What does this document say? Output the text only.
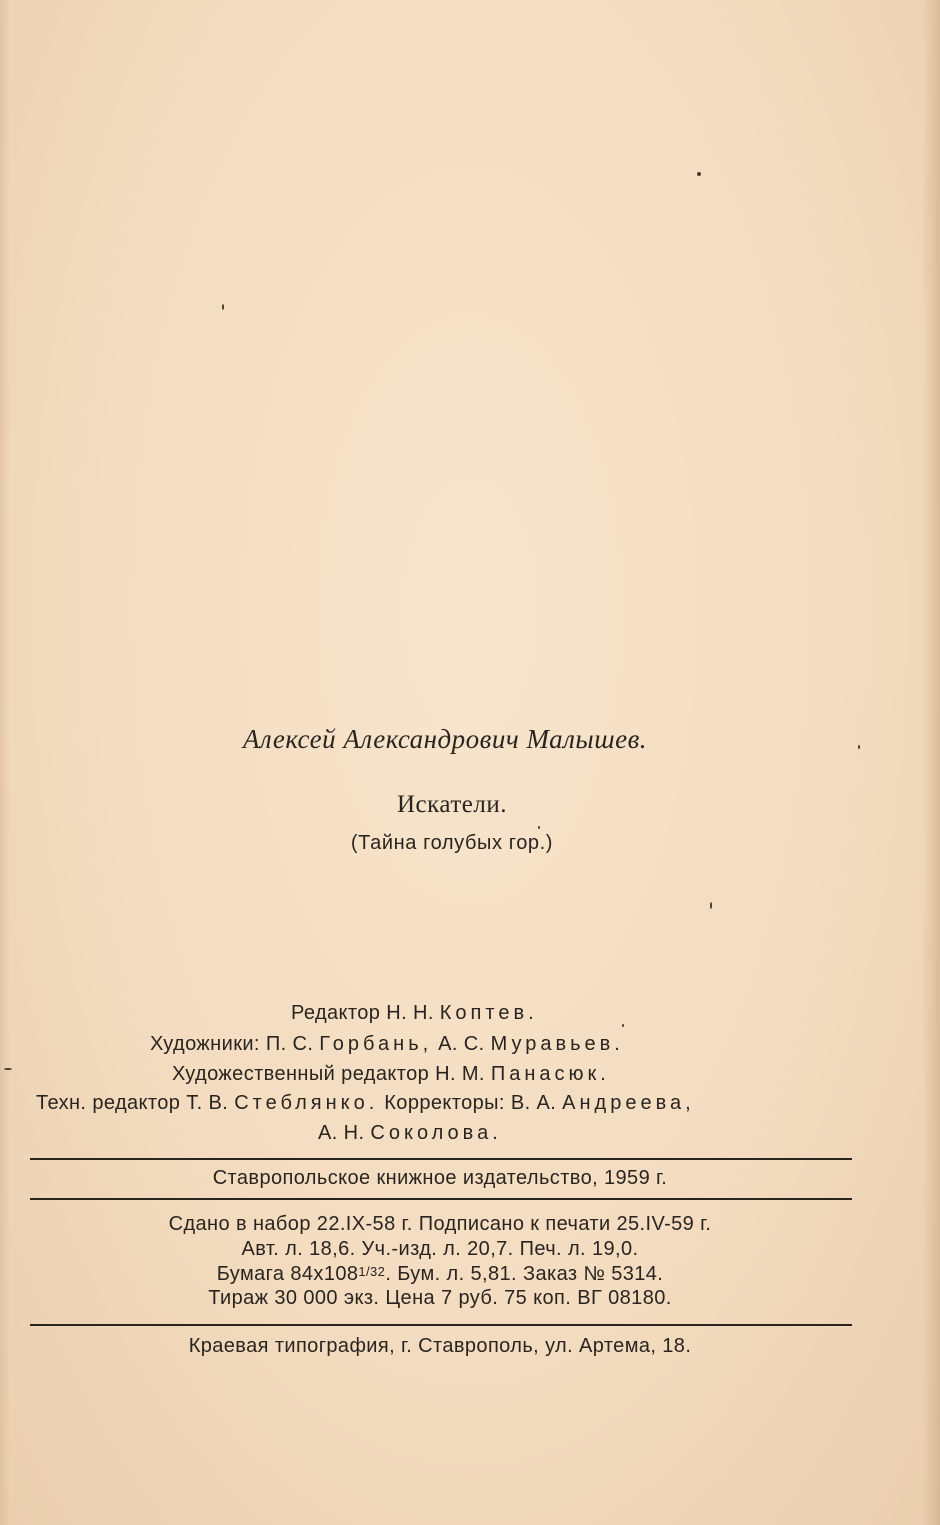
Алексей Александрович Малышев.
Искатели.
(Тайна голубых гор.)
Редактор Н. Н. Коптев.
Художники: П. С. Горбань, А. С. Муравьев.
Художественный редактор Н. М. Панасюк.
Техн. редактор Т. В. Стеблянко. Корректоры: В. А. Андреева,
А. Н. Соколова.
Ставропольское книжное издательство, 1959 г.
Сдано в набор 22.IX-58 г. Подписано к печати 25.IV-59 г.
Авт. л. 18,6. Уч.-изд. л. 20,7. Печ. л. 19,0.
Бумага $84х108^{1/32}$. Бум. л. 5,81. Заказ № 5314.
Тираж 30 000 экз. Цена 7 руб. 75 коп. ВГ 08180.
Краевая типография, г. Ставрополь, ул. Артема, 18.
